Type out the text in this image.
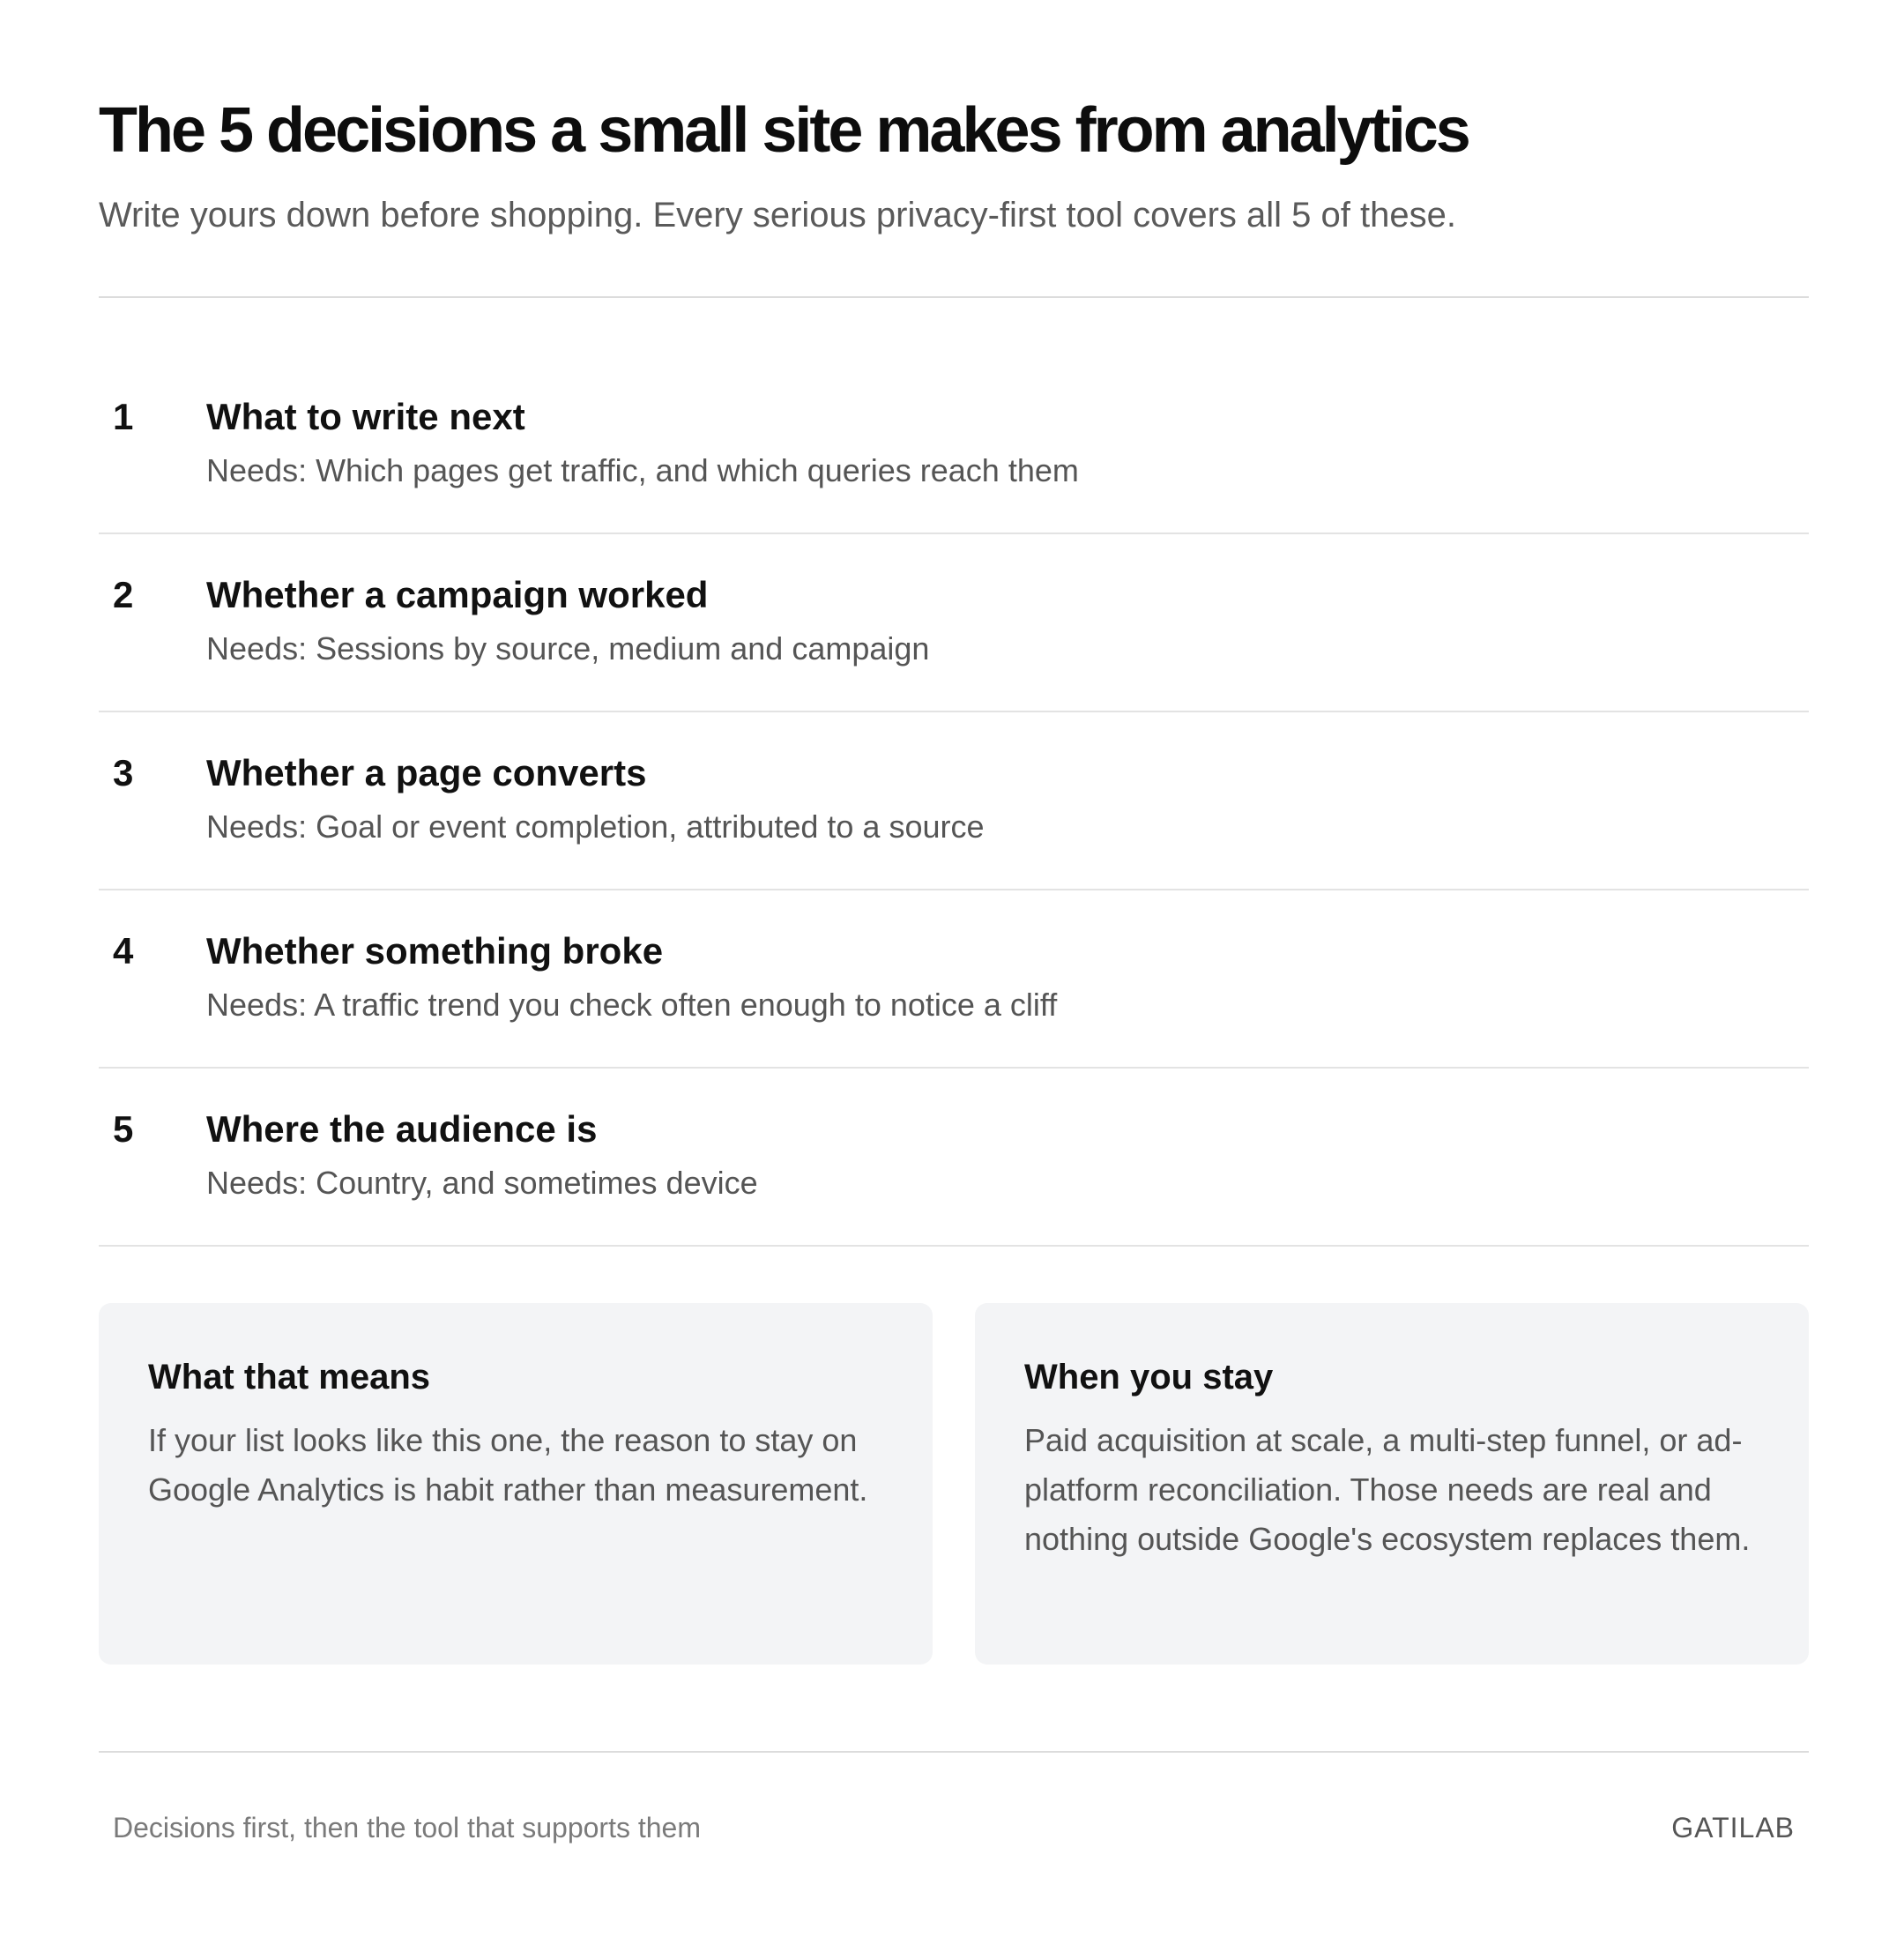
The 5 decisions a small site makes from analytics

Write yours down before shopping. Every serious privacy-first tool covers all 5 of these.

1 What to write next
Needs: Which pages get traffic, and which queries reach them
2 Whether a campaign worked
Needs: Sessions by source, medium and campaign
3 Whether a page converts
Needs: Goal or event completion, attributed to a source
4 Whether something broke
Needs: A traffic trend you check often enough to notice a cliff
5 Where the audience is
Needs: Country, and sometimes device
What that means

If your list looks like this one, the reason to stay on Google Analytics is habit rather than measurement.

When you stay

Paid acquisition at scale, a multi-step funnel, or ad-platform reconciliation. Those needs are real and nothing outside Google's ecosystem replaces them.

Decisions first, then the tool that supports them	GATILAB
